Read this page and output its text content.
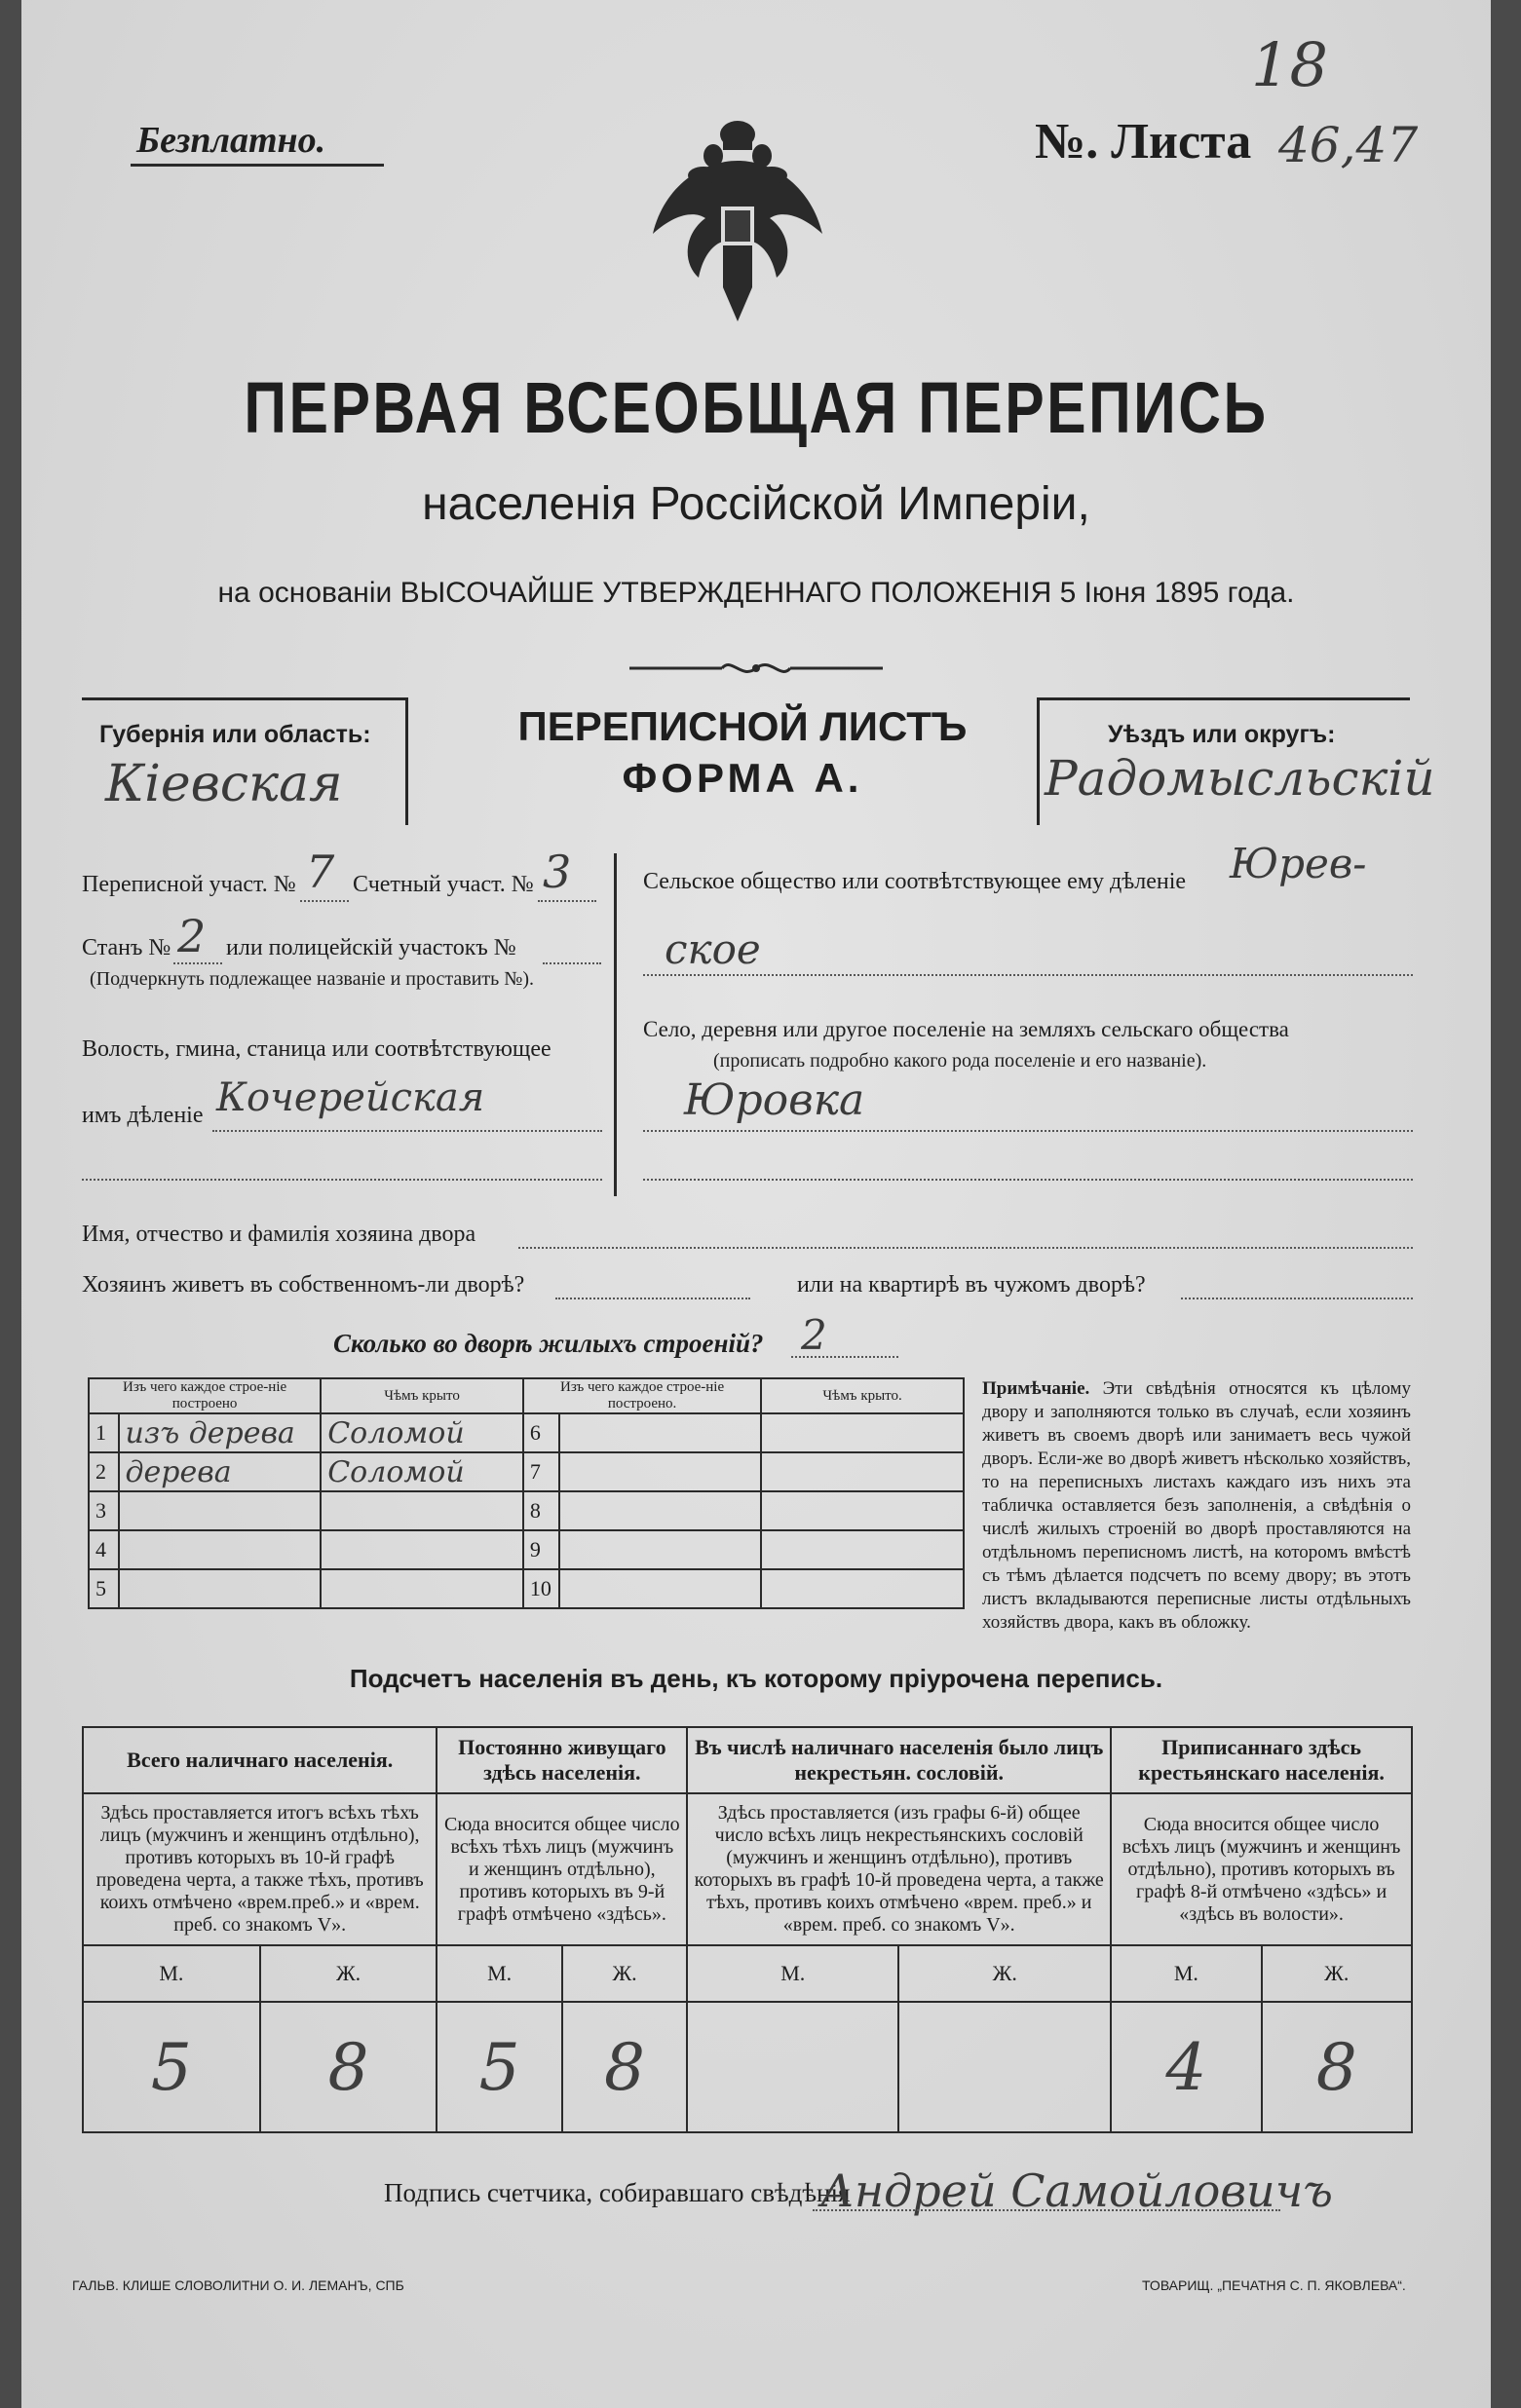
Безплатно.	№. Листа 46,47
18
ПЕРВАЯ ВСЕОБЩАЯ ПЕРЕПИСЬ
населенія Россійской Имперіи,
на основаніи ВЫСОЧАЙШЕ УТВЕРЖДЕННАГО ПОЛОЖЕНІЯ 5 Іюня 1895 года.
Губернія или область:
Кіевская
ПЕРЕПИСНОЙ ЛИСТЪ
ФОРМА А.
Уѣздъ или округъ:
Радомысльскій
Переписной участ. № 7 Счетный участ. № 3
Станъ № 2 или полицейскій участокъ №
(Подчеркнуть подлежащее названіе и проставить №).
Волость, гмина, станица или соотвѣтствующее
имъ дѣленіе Кочерейская
Сельское общество или соотвѣтствующее ему дѣленіе Юрев-
ское
Село, деревня или другое поселеніе на земляхъ сельскаго общества
(прописать подробно какого рода поселеніе и его названіе).
Юровка
Имя, отчество и фамилія хозяина двора
Хозяинъ живетъ въ собственномъ-ли дворѣ?	или на квартирѣ въ чужомъ дворѣ?
Сколько во дворѣ жилыхъ строеній? 2
Изъ чего каждое строе-ніе построено		Чѣмъ крыто	Изъ чего каждое строе-ніе построено.		Чѣмъ крыто.
1	изъ дерева	Соломой	6		
2	дерева	Соломой	7		
3			8		
4			9		
5			10		
Примѣчаніе. Эти свѣдѣнія относятся къ цѣлому двору и заполняются только въ случаѣ, если хозяинъ живетъ въ своемъ дворѣ или занимаетъ весь чужой дворъ. Если-же во дворѣ живетъ нѣсколько хозяйствъ, то на переписныхъ листахъ каждаго изъ нихъ эта табличка оставляется безъ заполненія, а свѣдѣнія о числѣ жилыхъ строеній во дворѣ проставляются на отдѣльномъ переписномъ листѣ, на которомъ вмѣстѣ съ тѣмъ дѣлается подсчетъ по всему двору; въ этотъ листъ вкладываются переписные листы отдѣльныхъ хозяйствъ двора, какъ въ обложку.
Подсчетъ населенія въ день, къ которому пріурочена перепись.
Всего наличнаго населенія.		Постоянно живущаго здѣсь населенія.		Въ числѣ наличнаго населенія было лицъ некрестьян. сословій.		Приписаннаго здѣсь крестьянскаго населенія.	
Здѣсь проставляется итогъ всѣхъ тѣхъ лицъ (мужчинъ и женщинъ отдѣльно), противъ которыхъ въ 10-й графѣ проведена черта, а также тѣхъ, противъ коихъ отмѣчено «врем.преб.» и «врем. преб. со знакомъ V».		Сюда вносится общее число всѣхъ тѣхъ лицъ (мужчинъ и женщинъ отдѣльно), противъ которыхъ въ 9-й графѣ отмѣчено «здѣсь».		Здѣсь проставляется (изъ графы 6-й) общее число всѣхъ лицъ некрестьянскихъ сословій (мужчинъ и женщинъ отдѣльно), противъ которыхъ въ графѣ 10-й проведена черта, а также тѣхъ, противъ коихъ отмѣчено «врем. преб.» и «врем. преб. со знакомъ V».		Сюда вносится общее число всѣхъ лицъ (мужчинъ и женщинъ отдѣльно), противъ которыхъ въ графѣ 8-й отмѣчено «здѣсь» и «здѣсь въ волости».	
М.	Ж.	М.	Ж.	М.	Ж.	М.	Ж.
5	8	5	8			4	8
Подпись счетчика, собиравшаго свѣдѣнія
Андрей Самойловичъ
ГАЛЬВ. КЛИШЕ СЛОВОЛИТНИ О. И. ЛЕМАНЪ, СПБ	ТОВАРИЩ. „ПЕЧАТНЯ С. П. ЯКОВЛЕВА“.
